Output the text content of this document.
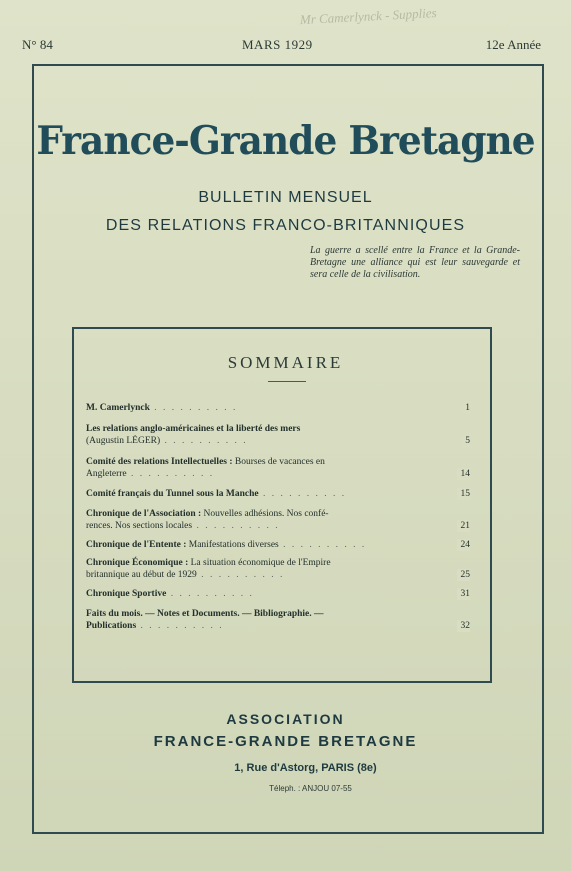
Mr Camerlynck - Supplies
N° 84	MARS 1929	12e Année
France-Grande Bretagne
BULLETIN MENSUEL
DES RELATIONS FRANCO-BRITANNIQUES
La guerre a scellé entre la France et la Grande-Bretagne une alliance qui est leur sauvegarde et sera celle de la civilisation.
SOMMAIRE
M. Camerlynck . . . . . . . . . .	1
Les relations anglo-américaines et la liberté des mers
(Augustin LÉGER) . . . . . . . . . .	5
Comité des relations Intellectuelles : Bourses de vacances en
Angleterre . . . . . . . . . .	14
Comité français du Tunnel sous la Manche . . . . . . . . . .	15
Chronique de l'Association : Nouvelles adhésions. Nos confé-
rences. Nos sections locales . . . . . . . . . .	21
Chronique de l'Entente : Manifestations diverses . . . . . . . . . .	24
Chronique Économique : La situation économique de l'Empire
britannique au début de 1929 . . . . . . . . . .	25
Chronique Sportive . . . . . . . . . .	31
Faits du mois. — Notes et Documents. — Bibliographie. —
Publications . . . . . . . . . .	32
ASSOCIATION
FRANCE-GRANDE BRETAGNE
1, Rue d'Astorg, PARIS (8e)
Téleph. : ANJOU 07-55
